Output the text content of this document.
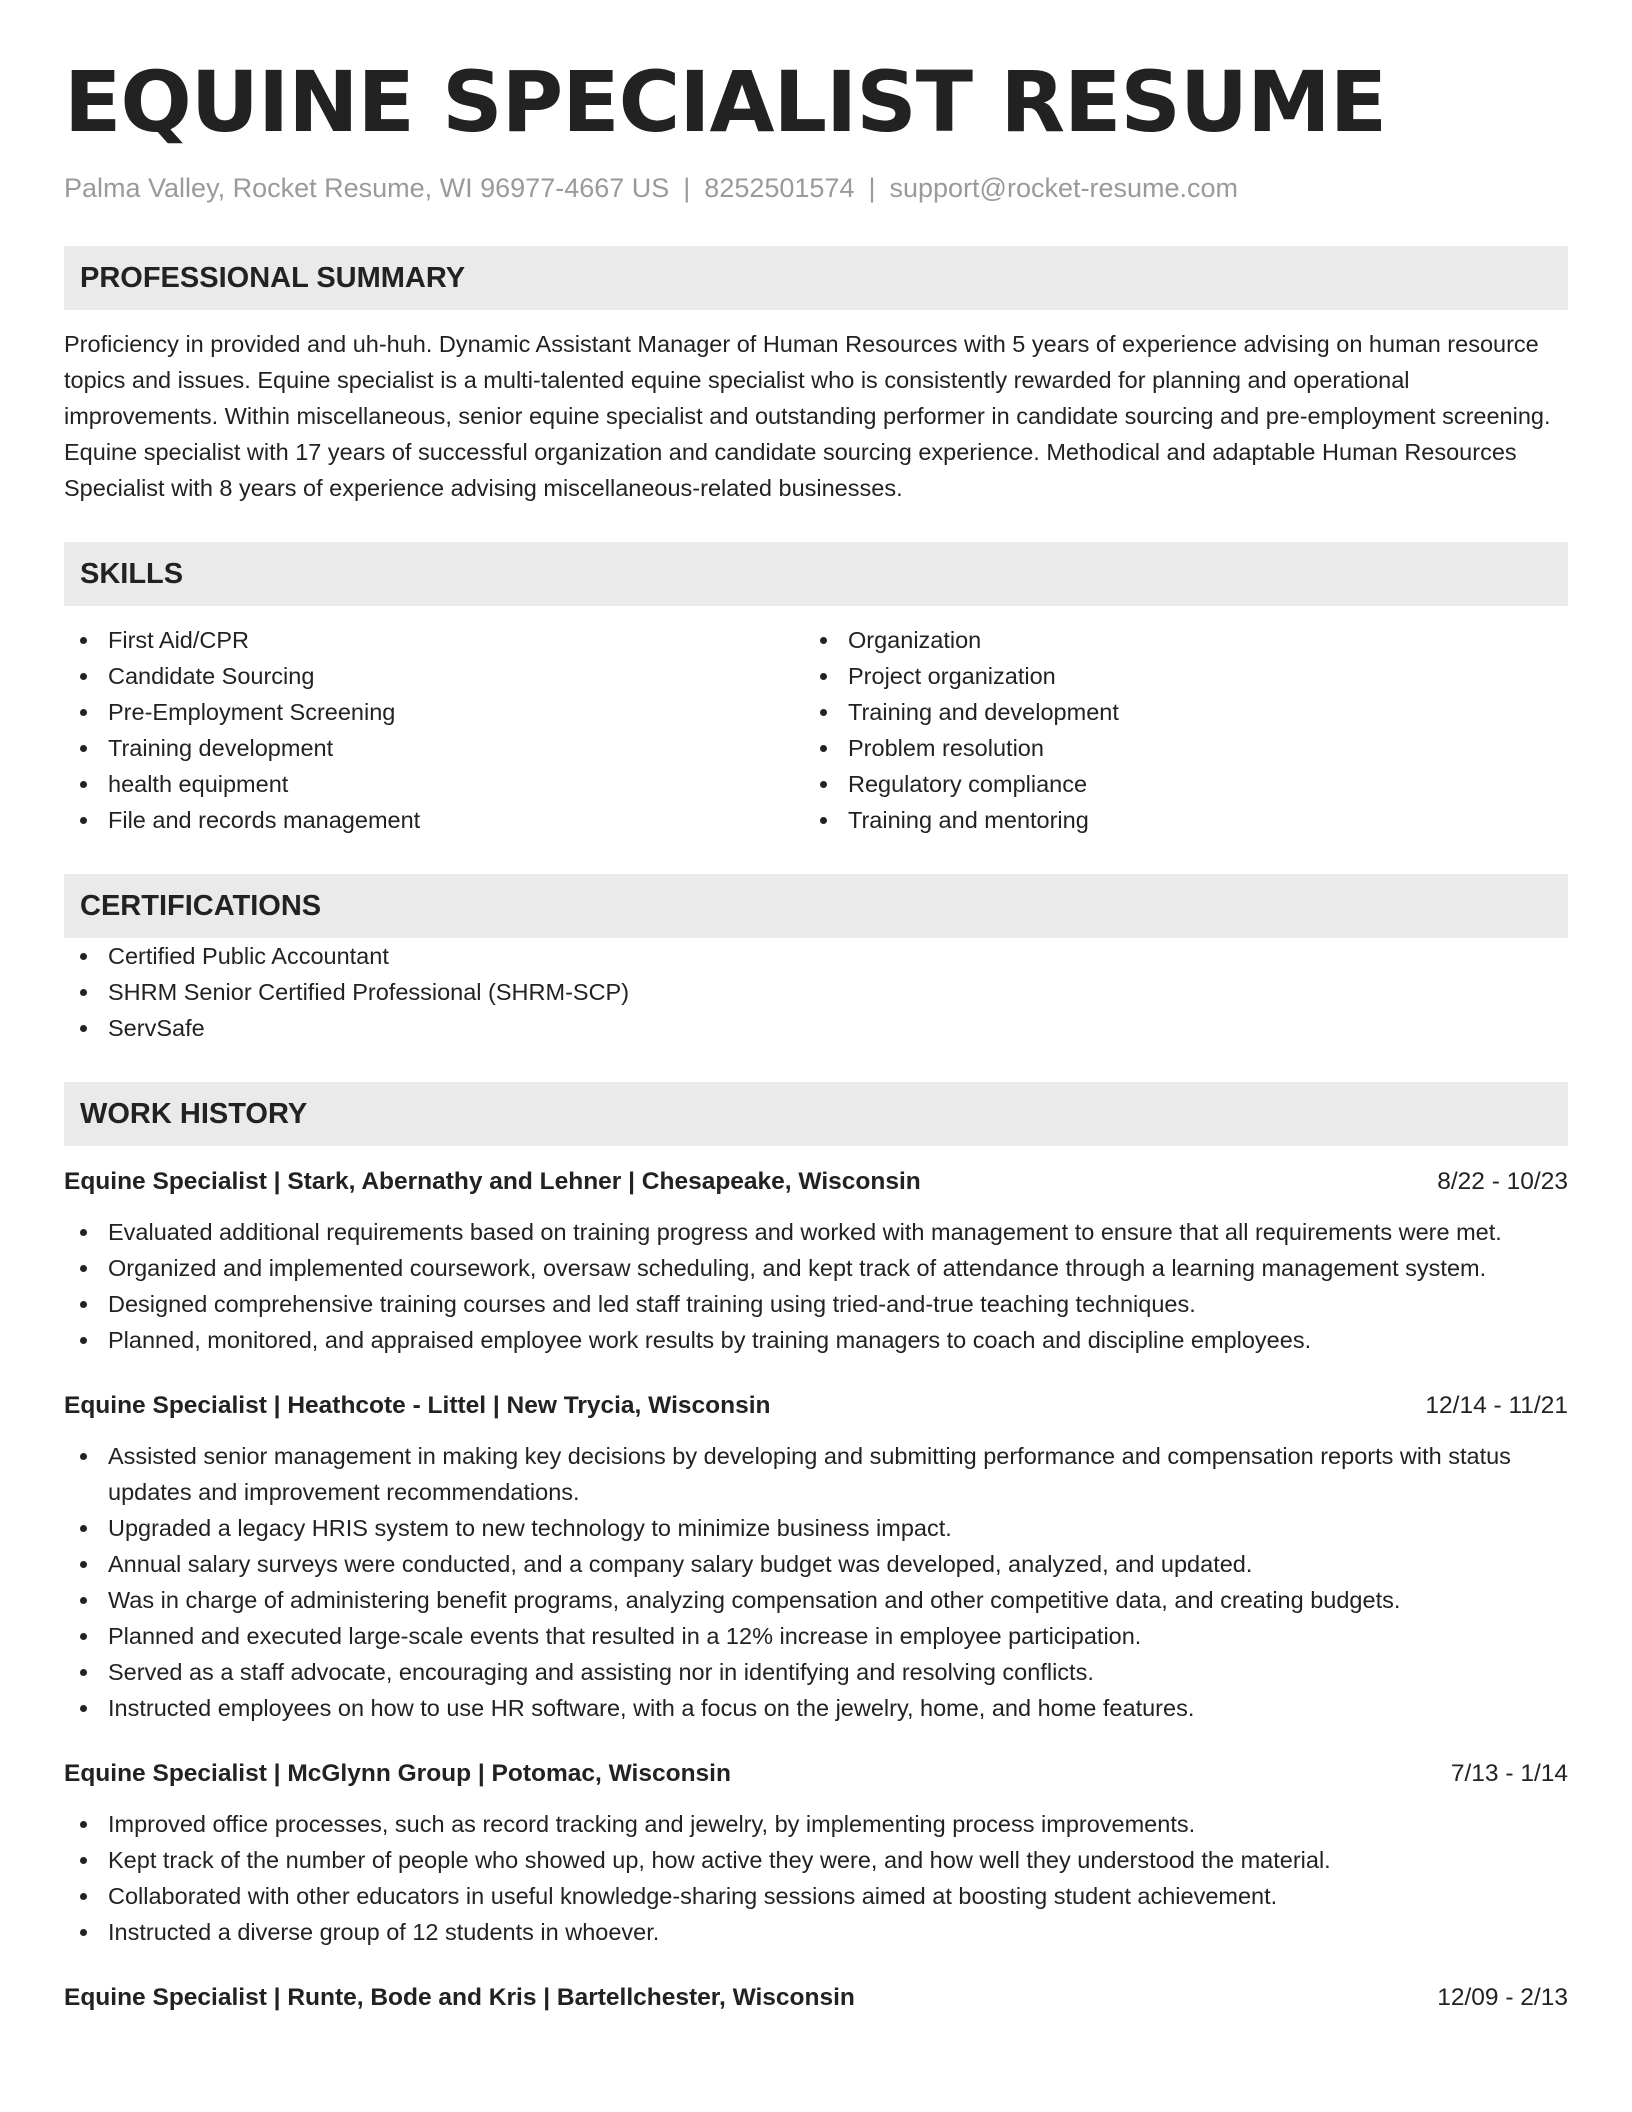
EQUINE SPECIALIST RESUME
Palma Valley, Rocket Resume, WI 96977-4667 US | 8252501574 | support@rocket-resume.com
PROFESSIONAL SUMMARY

Proficiency in provided and uh-huh. Dynamic Assistant Manager of Human Resources with 5 years of experience advising on human resource topics and issues. Equine specialist is a multi-talented equine specialist who is consistently rewarded for planning and operational improvements. Within miscellaneous, senior equine specialist and outstanding performer in candidate sourcing and pre-employment screening. Equine specialist with 17 years of successful organization and candidate sourcing experience. Methodical and adaptable Human Resources Specialist with 8 years of experience advising miscellaneous-related businesses.

SKILLS
First Aid/CPR
Candidate Sourcing
Pre-Employment Screening
Training development
health equipment
File and records management
Organization
Project organization
Training and development
Problem resolution
Regulatory compliance
Training and mentoring
CERTIFICATIONS
Certified Public Accountant
SHRM Senior Certified Professional (SHRM-SCP)
ServSafe
WORK HISTORY
Equine Specialist | Stark, Abernathy and Lehner | Chesapeake, Wisconsin	8/22 - 10/23
Evaluated additional requirements based on training progress and worked with management to ensure that all requirements were met.
Organized and implemented coursework, oversaw scheduling, and kept track of attendance through a learning management system.
Designed comprehensive training courses and led staff training using tried-and-true teaching techniques.
Planned, monitored, and appraised employee work results by training managers to coach and discipline employees.
Equine Specialist | Heathcote - Littel | New Trycia, Wisconsin	12/14 - 11/21
Assisted senior management in making key decisions by developing and submitting performance and compensation reports with status updates and improvement recommendations.
Upgraded a legacy HRIS system to new technology to minimize business impact.
Annual salary surveys were conducted, and a company salary budget was developed, analyzed, and updated.
Was in charge of administering benefit programs, analyzing compensation and other competitive data, and creating budgets.
Planned and executed large-scale events that resulted in a 12% increase in employee participation.
Served as a staff advocate, encouraging and assisting nor in identifying and resolving conflicts.
Instructed employees on how to use HR software, with a focus on the jewelry, home, and home features.
Equine Specialist | McGlynn Group | Potomac, Wisconsin	7/13 - 1/14
Improved office processes, such as record tracking and jewelry, by implementing process improvements.
Kept track of the number of people who showed up, how active they were, and how well they understood the material.
Collaborated with other educators in useful knowledge-sharing sessions aimed at boosting student achievement.
Instructed a diverse group of 12 students in whoever.
Equine Specialist | Runte, Bode and Kris | Bartellchester, Wisconsin	12/09 - 2/13
